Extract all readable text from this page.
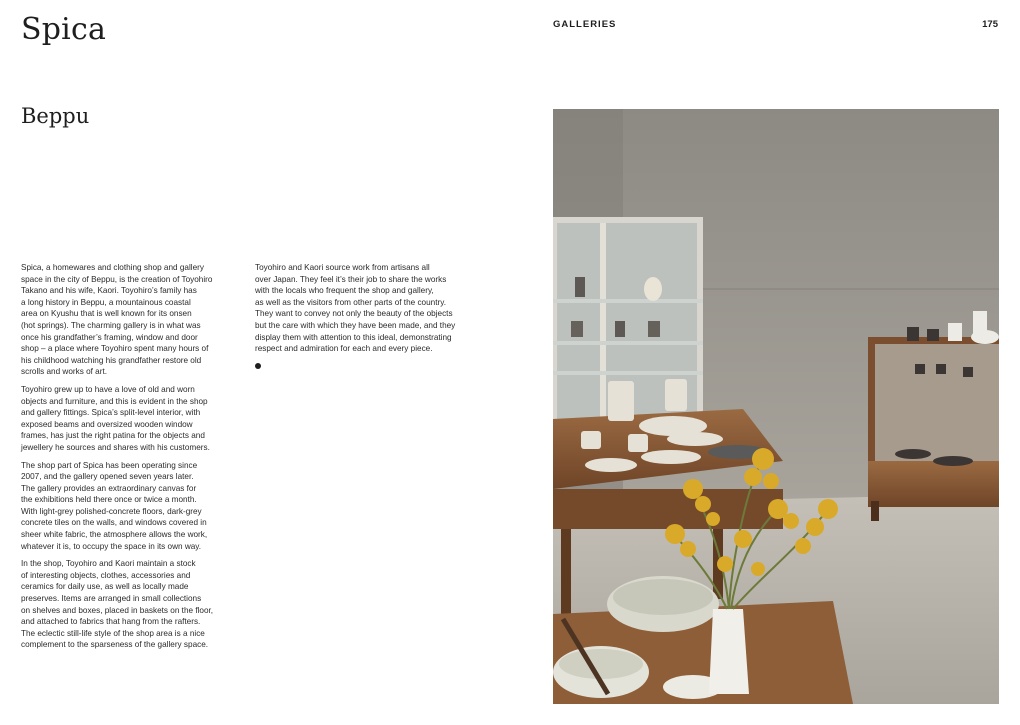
Spica	GALLERIES	175
Beppu

Spica, a homewares and clothing shop and gallery
space in the city of Beppu, is the creation of Toyohiro
Takano and his wife, Kaori. Toyohiro’s family has
a long history in Beppu, a mountainous coastal
area on Kyushu that is well known for its onsen
(hot springs). The charming gallery is in what was
once his grandfather’s framing, window and door
shop – a place where Toyohiro spent many hours of
his childhood watching his grandfather restore old
scrolls and works of art.

Toyohiro grew up to have a love of old and worn
objects and furniture, and this is evident in the shop
and gallery fittings. Spica’s split-level interior, with
exposed beams and oversized wooden window
frames, has just the right patina for the objects and
jewellery he sources and shares with his customers.

The shop part of Spica has been operating since
2007, and the gallery opened seven years later.
The gallery provides an extraordinary canvas for
the exhibitions held there once or twice a month.
With light-grey polished-concrete floors, dark-grey
concrete tiles on the walls, and windows covered in
sheer white fabric, the atmosphere allows the work,
whatever it is, to occupy the space in its own way.

In the shop, Toyohiro and Kaori maintain a stock
of interesting objects, clothes, accessories and
ceramics for daily use, as well as locally made
preserves. Items are arranged in small collections
on shelves and boxes, placed in baskets on the floor,
and attached to fabrics that hang from the rafters.
The eclectic still-life style of the shop area is a nice
complement to the sparseness of the gallery space.

Toyohiro and Kaori source work from artisans all
over Japan. They feel it’s their job to share the works
with the locals who frequent the shop and gallery,
as well as the visitors from other parts of the country.
They want to convey not only the beauty of the objects
but the care with which they have been made, and they
display them with attention to this ideal, demonstrating
respect and admiration for each and every piece.
